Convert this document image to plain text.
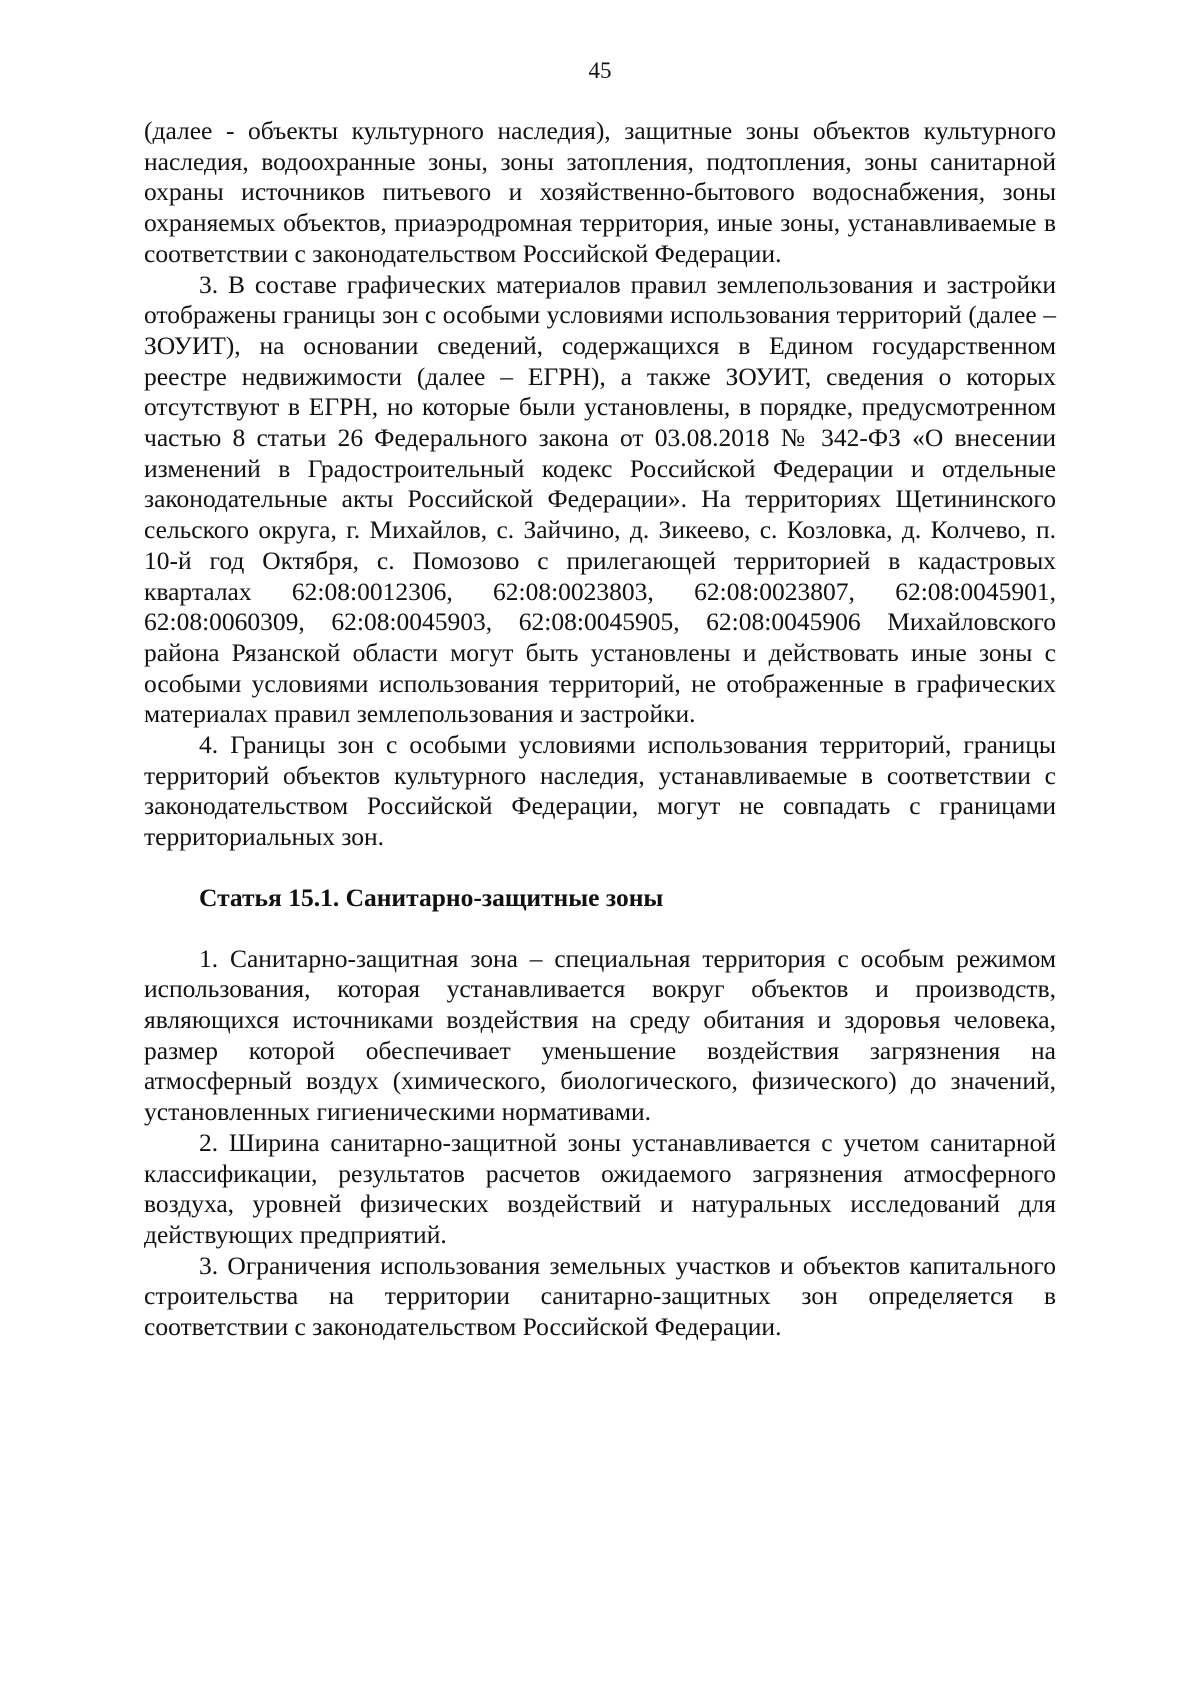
45

(далее - объекты культурного наследия), защитные зоны объектов культурного наследия, водоохранные зоны, зоны затопления, подтопления, зоны санитарной охраны источников питьевого и хозяйственно-бытового водоснабжения, зоны охраняемых объектов, приаэродромная территория, иные зоны, устанавливаемые в соответствии с законодательством Российской Федерации.

3. В составе графических материалов правил землепользования и застройки отображены границы зон с особыми условиями использования территорий (далее – ЗОУИТ), на основании сведений, содержащихся в Едином государственном реестре недвижимости (далее – ЕГРН), а также ЗОУИТ, сведения о которых отсутствуют в ЕГРН, но которые были установлены, в порядке, предусмотренном частью 8 статьи 26 Федерального закона от 03.08.2018 № 342-ФЗ «О внесении изменений в Градостроительный кодекс Российской Федерации и отдельные законодательные акты Российской Федерации». На территориях Щетининского сельского округа, г. Михайлов, с. Зайчино, д. Зикеево, с. Козловка, д. Колчево, п. 10-й год Октября, с. Помозово с прилегающей территорией в кадастровых кварталах 62:08:0012306, 62:08:0023803, 62:08:0023807, 62:08:0045901, 62:08:0060309, 62:08:0045903, 62:08:0045905, 62:08:0045906 Михайловского района Рязанской области могут быть установлены и действовать иные зоны с особыми условиями использования территорий, не отображенные в графических материалах правил землепользования и застройки.

4. Границы зон с особыми условиями использования территорий, границы территорий объектов культурного наследия, устанавливаемые в соответствии с законодательством Российской Федерации, могут не совпадать с границами территориальных зон.

Статья 15.1. Санитарно-защитные зоны

1. Санитарно-защитная зона – специальная территория с особым режимом использования, которая устанавливается вокруг объектов и производств, являющихся источниками воздействия на среду обитания и здоровья человека, размер которой обеспечивает уменьшение воздействия загрязнения на атмосферный воздух (химического, биологического, физического) до значений, установленных гигиеническими нормативами.

2. Ширина санитарно-защитной зоны устанавливается с учетом санитарной классификации, результатов расчетов ожидаемого загрязнения атмосферного воздуха, уровней физических воздействий и натуральных исследований для действующих предприятий.

3. Ограничения использования земельных участков и объектов капитального строительства на территории санитарно-защитных зон определяется в соответствии с законодательством Российской Федерации.
